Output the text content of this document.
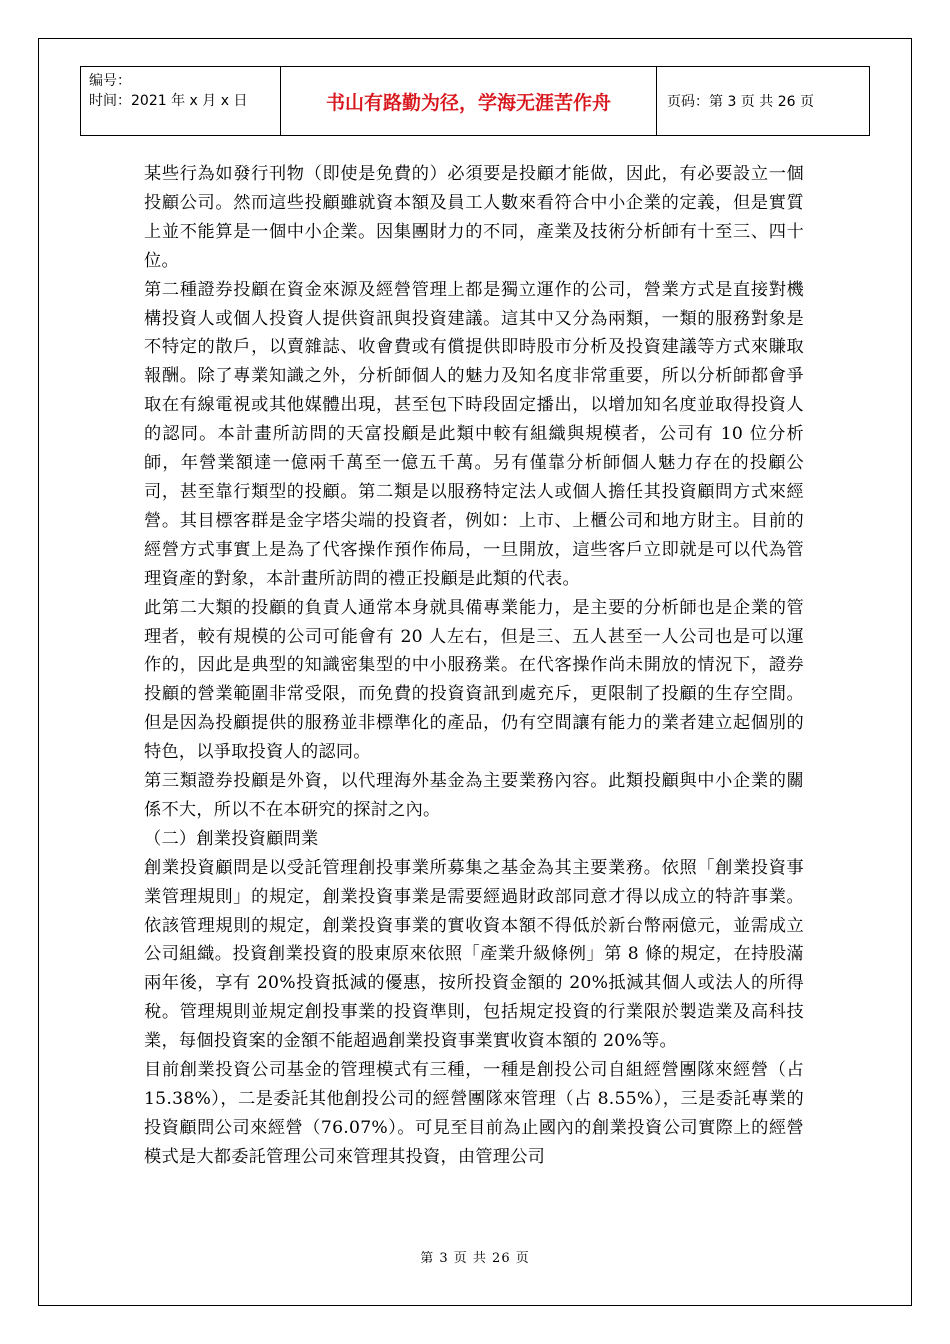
编号：
时间：2021 年 x 月 x 日	书山有路勤为径，学海无涯苦作舟	页码：第 3 页 共 26 页

某些行為如發行刊物（即使是免費的）必須要是投顧才能做，因此，有必要設立一個投顧公司。然而這些投顧雖就資本額及員工人數來看符合中小企業的定義，但是實質上並不能算是一個中小企業。因集團財力的不同，產業及技術分析師有十至三、四十位。

第二種證券投顧在資金來源及經營管理上都是獨立運作的公司，營業方式是直接對機構投資人或個人投資人提供資訊與投資建議。這其中又分為兩類，一類的服務對象是不特定的散戶，以賣雜誌、收會費或有償提供即時股市分析及投資建議等方式來賺取報酬。除了專業知識之外，分析師個人的魅力及知名度非常重要，所以分析師都會爭取在有線電視或其他媒體出現，甚至包下時段固定播出，以增加知名度並取得投資人的認同。本計畫所訪問的天富投顧是此類中較有組織與規模者，公司有 10 位分析師，年營業額達一億兩千萬至一億五千萬。另有僅靠分析師個人魅力存在的投顧公司，甚至靠行類型的投顧。第二類是以服務特定法人或個人擔任其投資顧問方式來經營。其目標客群是金字塔尖端的投資者，例如：上市、上櫃公司和地方財主。目前的經營方式事實上是為了代客操作預作佈局，一旦開放，這些客戶立即就是可以代為管理資產的對象，本計畫所訪問的禮正投顧是此類的代表。

此第二大類的投顧的負責人通常本身就具備專業能力，是主要的分析師也是企業的管理者，較有規模的公司可能會有 20 人左右，但是三、五人甚至一人公司也是可以運作的，因此是典型的知識密集型的中小服務業。在代客操作尚未開放的情況下，證券投顧的營業範圍非常受限，而免費的投資資訊到處充斥，更限制了投顧的生存空間。但是因為投顧提供的服務並非標準化的產品，仍有空間讓有能力的業者建立起個別的特色，以爭取投資人的認同。

第三類證券投顧是外資，以代理海外基金為主要業務內容。此類投顧與中小企業的關係不大，所以不在本研究的探討之內。

（二）創業投資顧問業

創業投資顧問是以受託管理創投事業所募集之基金為其主要業務。依照「創業投資事業管理規則」的規定，創業投資事業是需要經過財政部同意才得以成立的特許事業。依該管理規則的規定，創業投資事業的實收資本額不得低於新台幣兩億元，並需成立公司組織。投資創業投資的股東原來依照「產業升級條例」第 8 條的規定，在持股滿兩年後，享有 20%投資抵減的優惠，按所投資金額的 20%抵減其個人或法人的所得稅。管理規則並規定創投事業的投資準則，包括規定投資的行業限於製造業及高科技業，每個投資案的金額不能超過創業投資事業實收資本額的 20%等。

目前創業投資公司基金的管理模式有三種，一種是創投公司自組經營團隊來經營（占 15.38%），二是委託其他創投公司的經營團隊來管理（占 8.55%），三是委託專業的投資顧問公司來經營（76.07%）。可見至目前為止國內的創業投資公司實際上的經營模式是大都委託管理公司來管理其投資，由管理公司

第 3 页 共 26 页
